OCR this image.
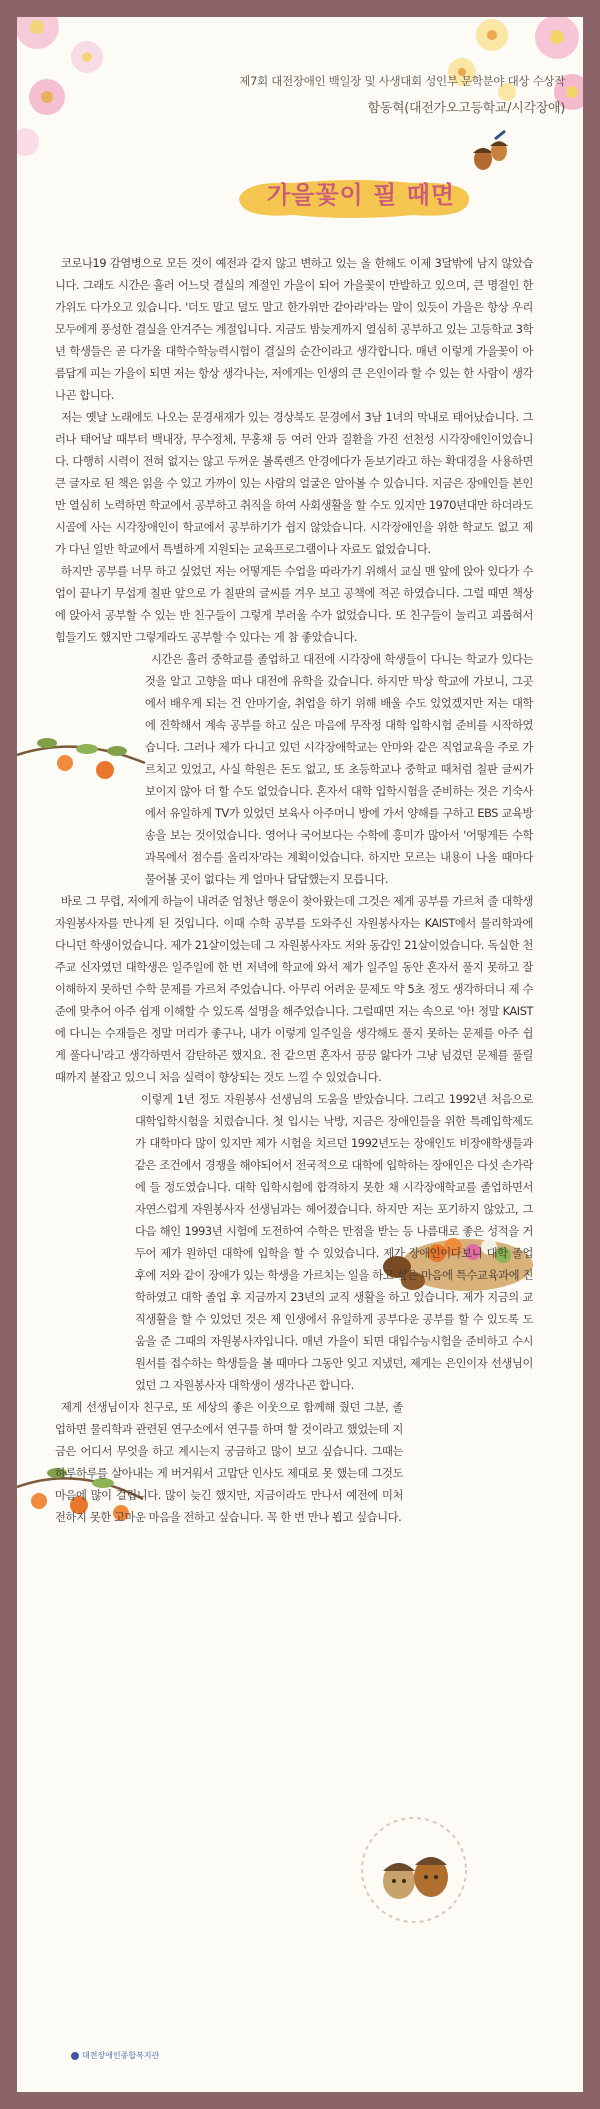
제7회 대전장애인 백일장 및 사생대회 성인부 문학분야 대상 수상작
함동혁(대전가오고등학교/시각장애)
가을꽃이 필 때면

코로나19 감염병으로 모든 것이 예전과 같지 않고 변하고 있는 올 한해도 이제 3달밖에 남지 않았습니다. 그래도 시간은 흘러 어느덧 결실의 계절인 가을이 되어 가을꽃이 만발하고 있으며, 큰 명절인 한가위도 다가오고 있습니다. '더도 말고 덜도 말고 한가위만 같아라'라는 말이 있듯이 가을은 항상 우리 모두에게 풍성한 결실을 안겨주는 계절입니다. 지금도 밤늦게까지 열심히 공부하고 있는 고등학교 3학년 학생들은 곧 다가올 대학수학능력시험이 결실의 순간이라고 생각합니다. 매년 이렇게 가을꽃이 아름답게 피는 가을이 되면 저는 항상 생각나는, 저에게는 인생의 큰 은인이라 할 수 있는 한 사람이 생각나곤 합니다.

저는 옛날 노래에도 나오는 문경새재가 있는 경상북도 문경에서 3남 1녀의 막내로 태어났습니다. 그러나 태어날 때부터 백내장, 무수정체, 무홍채 등 여러 안과 질환을 가진 선천성 시각장애인이었습니다. 다행히 시력이 전혀 없지는 않고 두꺼운 볼록렌즈 안경에다가 돋보기라고 하는 확대경을 사용하면 큰 글자로 된 책은 읽을 수 있고 가까이 있는 사람의 얼굴은 알아볼 수 있습니다. 지금은 장애인들 본인만 열심히 노력하면 학교에서 공부하고 취직을 하여 사회생활을 할 수도 있지만 1970년대만 하더라도 시골에 사는 시각장애인이 학교에서 공부하기가 쉽지 않았습니다. 시각장애인을 위한 학교도 없고 제가 다닌 일반 학교에서 특별하게 지원되는 교육프로그램이나 자료도 없었습니다.

하지만 공부를 너무 하고 싶었던 저는 어떻게든 수업을 따라가기 위해서 교실 맨 앞에 앉아 있다가 수업이 끝나기 무섭게 칠판 앞으로 가 칠판의 글씨를 겨우 보고 공책에 적곤 하였습니다. 그럴 때면 책상에 앉아서 공부할 수 있는 반 친구들이 그렇게 부러울 수가 없었습니다. 또 친구들이 놀리고 괴롭혀서 힘들기도 했지만 그렇게라도 공부할 수 있다는 게 참 좋았습니다.

시간은 흘러 중학교를 졸업하고 대전에 시각장애 학생들이 다니는 학교가 있다는 것을 알고 고향을 떠나 대전에 유학을 갔습니다. 하지만 막상 학교에 가보니, 그곳에서 배우게 되는 건 안마기술, 취업을 하기 위해 배울 수도 있었겠지만 저는 대학에 진학해서 계속 공부를 하고 싶은 마음에 무작정 대학 입학시험 준비를 시작하였습니다. 그러나 제가 다니고 있던 시각장애학교는 안마와 같은 직업교육을 주로 가르치고 있었고, 사실 학원은 돈도 없고, 또 초등학교나 중학교 때처럼 칠판 글씨가 보이지 않아 더 할 수도 없었습니다. 혼자서 대학 입학시험을 준비하는 것은 기숙사에서 유일하게 TV가 있었던 보육사 아주머니 방에 가서 양해를 구하고 EBS 교육방송을 보는 것이었습니다. 영어나 국어보다는 수학에 흥미가 많아서 '어떻게든 수학 과목에서 점수를 올리자'라는 계획이었습니다. 하지만 모르는 내용이 나올 때마다 물어볼 곳이 없다는 게 얼마나 답답했는지 모릅니다.

바로 그 무렵, 저에게 하늘이 내려준 엄청난 행운이 찾아왔는데 그것은 제게 공부를 가르쳐 줄 대학생 자원봉사자를 만나게 된 것입니다. 이때 수학 공부를 도와주신 자원봉사자는 KAIST에서 물리학과에 다니던 학생이었습니다. 제가 21살이었는데 그 자원봉사자도 저와 동갑인 21살이었습니다. 독실한 천주교 신자였던 대학생은 일주일에 한 번 저녁에 학교에 와서 제가 일주일 동안 혼자서 풀지 못하고 잘 이해하지 못하던 수학 문제를 가르쳐 주었습니다. 아무리 어려운 문제도 약 5초 정도 생각하더니 제 수준에 맞추어 아주 쉽게 이해할 수 있도록 설명을 해주었습니다. 그럴때면 저는 속으로 '아! 정말 KAIST에 다니는 수재들은 정말 머리가 좋구나, 내가 이렇게 일주일을 생각해도 풀지 못하는 문제를 아주 쉽게 풀다니'라고 생각하면서 감탄하곤 했지요. 전 같으면 혼자서 끙끙 앓다가 그냥 넘겼던 문제를 풀릴 때까지 붙잡고 있으니 처음 실력이 향상되는 것도 느낄 수 있었습니다.

이렇게 1년 정도 자원봉사 선생님의 도움을 받았습니다. 그리고 1992년 처음으로 대학입학시험을 치렀습니다. 첫 입시는 낙방, 지금은 장애인들을 위한 특례입학제도가 대학마다 많이 있지만 제가 시험을 치르던 1992년도는 장애인도 비장애학생들과 같은 조건에서 경쟁을 해야되어서 전국적으로 대학에 입학하는 장애인은 다섯 손가락에 들 정도였습니다. 대학 입학시험에 합격하지 못한 채 시각장애학교를 졸업하면서 자연스럽게 자원봉사자 선생님과는 헤어졌습니다. 하지만 저는 포기하지 않았고, 그다음 해인 1993년 시험에 도전하여 수학은 만점을 받는 등 나름대로 좋은 성적을 거두어 제가 원하던 대학에 입학을 할 수 있었습니다. 제가 장애인이다보니 대학 졸업 후에 저와 같이 장애가 있는 학생을 가르치는 일을 하고 싶은 마음에 특수교육과에 진학하였고 대학 졸업 후 지금까지 23년의 교직 생활을 하고 있습니다. 제가 지금의 교직생활을 할 수 있었던 것은 제 인생에서 유일하게 공부다운 공부를 할 수 있도록 도움을 준 그때의 자원봉사자입니다. 매년 가을이 되면 대입수능시험을 준비하고 수시 원서를 접수하는 학생들을 볼 때마다 그동안 잊고 지냈던, 제게는 은인이자 선생님이었던 그 자원봉사자 대학생이 생각나곤 합니다.

제게 선생님이자 친구로, 또 세상의 좋은 이웃으로 함께해 줬던 그분, 졸업하면 물리학과 관련된 연구소에서 연구를 하며 할 것이라고 했었는데 지금은 어디서 무엇을 하고 계시는지 궁금하고 많이 보고 싶습니다. 그때는 하루하루를 살아내는 게 버거워서 고맙단 인사도 제대로 못 했는데 그것도 마음에 많이 걸립니다. 많이 늦긴 했지만, 지금이라도 만나서 예전에 미처 전하지 못한 고마운 마음을 전하고 싶습니다. 꼭 한 번 만나 뵙고 싶습니다.

대전장애인종합복지관
